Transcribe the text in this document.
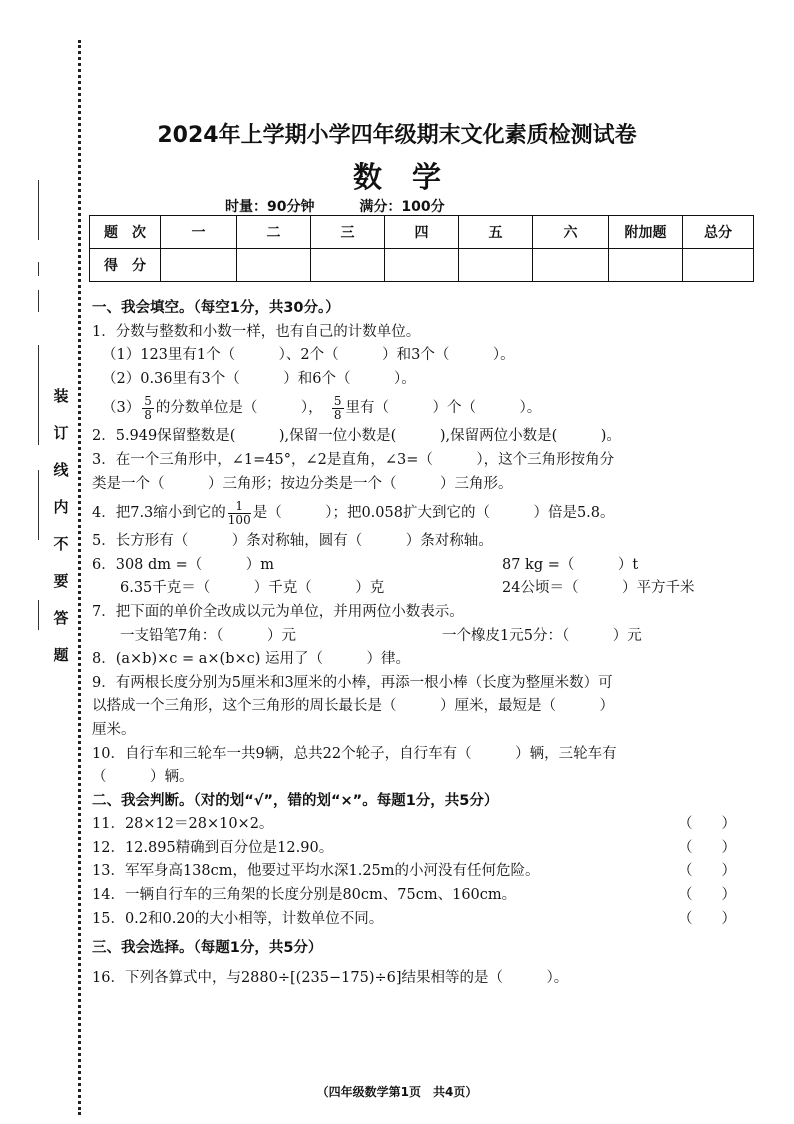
装
订
线
内
不
要
答
题
2024年上学期小学四年级期末文化素质检测试卷
数学
时量：90分钟	满分：100分
题　次	一	二	三	四	五	六	附加题	总分
得　分								
一、我会填空。（每空1分，共30分。）
1．分数与整数和小数一样，也有自己的计数单位。
（1）123里有1个（　　　）、2个（　　　）和3个（　　　）。
（2）0.36里有3个（　　　）和6个（　　　）。
$(3) \frac{5}{8}$ 的分数单位是（　　　），　 $\frac{5}{8}$ 里有（　　　）个（　　　）。
2．5.949保留整数是(　　　),保留一位小数是(　　　),保留两位小数是(　　　)。
3．在一个三角形中，∠1=45°，∠2是直角，∠3=（　　　），这个三角形按角分
类是一个（　　　）三角形；按边分类是一个（　　　）三角形。
4．把7.3缩小到它的 $\frac{1}{100}$ 是（　　　）；把0.058扩大到它的（　　　）倍是5.8。
5．长方形有（　　　）条对称轴，圆有（　　　）条对称轴。
6．308 dm =（　　　）m	87 kg =（　　　）t
6.35千克＝（　　　）千克（　　　）克	24公顷＝（　　　）平方千米
7．把下面的单价全改成以元为单位，并用两位小数表示。
一支铅笔7角：（　　　）元	一个橡皮1元5分：（　　　）元
8．(a×b)×c = a×(b×c) 运用了（　　　）律。
9．有两根长度分别为5厘米和3厘米的小棒，再添一根小棒（长度为整厘米数）可
以搭成一个三角形，这个三角形的周长最长是（　　　）厘米，最短是（　　　）
厘米。
10．自行车和三轮车一共9辆，总共22个轮子，自行车有（　　　）辆，三轮车有
（　　　）辆。
二、我会判断。（对的划“√”，错的划“×”。每题1分，共5分）
11．28×12＝28×10×2。	（　　）
12．12.895精确到百分位是12.90。	（　　）
13．军军身高138cm，他要过平均水深1.25m的小河没有任何危险。	（　　）
14．一辆自行车的三角架的长度分别是80cm、75cm、160cm。	（　　）
15．0.2和0.20的大小相等，计数单位不同。	（　　）
三、我会选择。（每题1分，共5分）
16．下列各算式中，与2880÷[(235−175)÷6]结果相等的是（　　　）。
（四年级数学第1页　共4页）
